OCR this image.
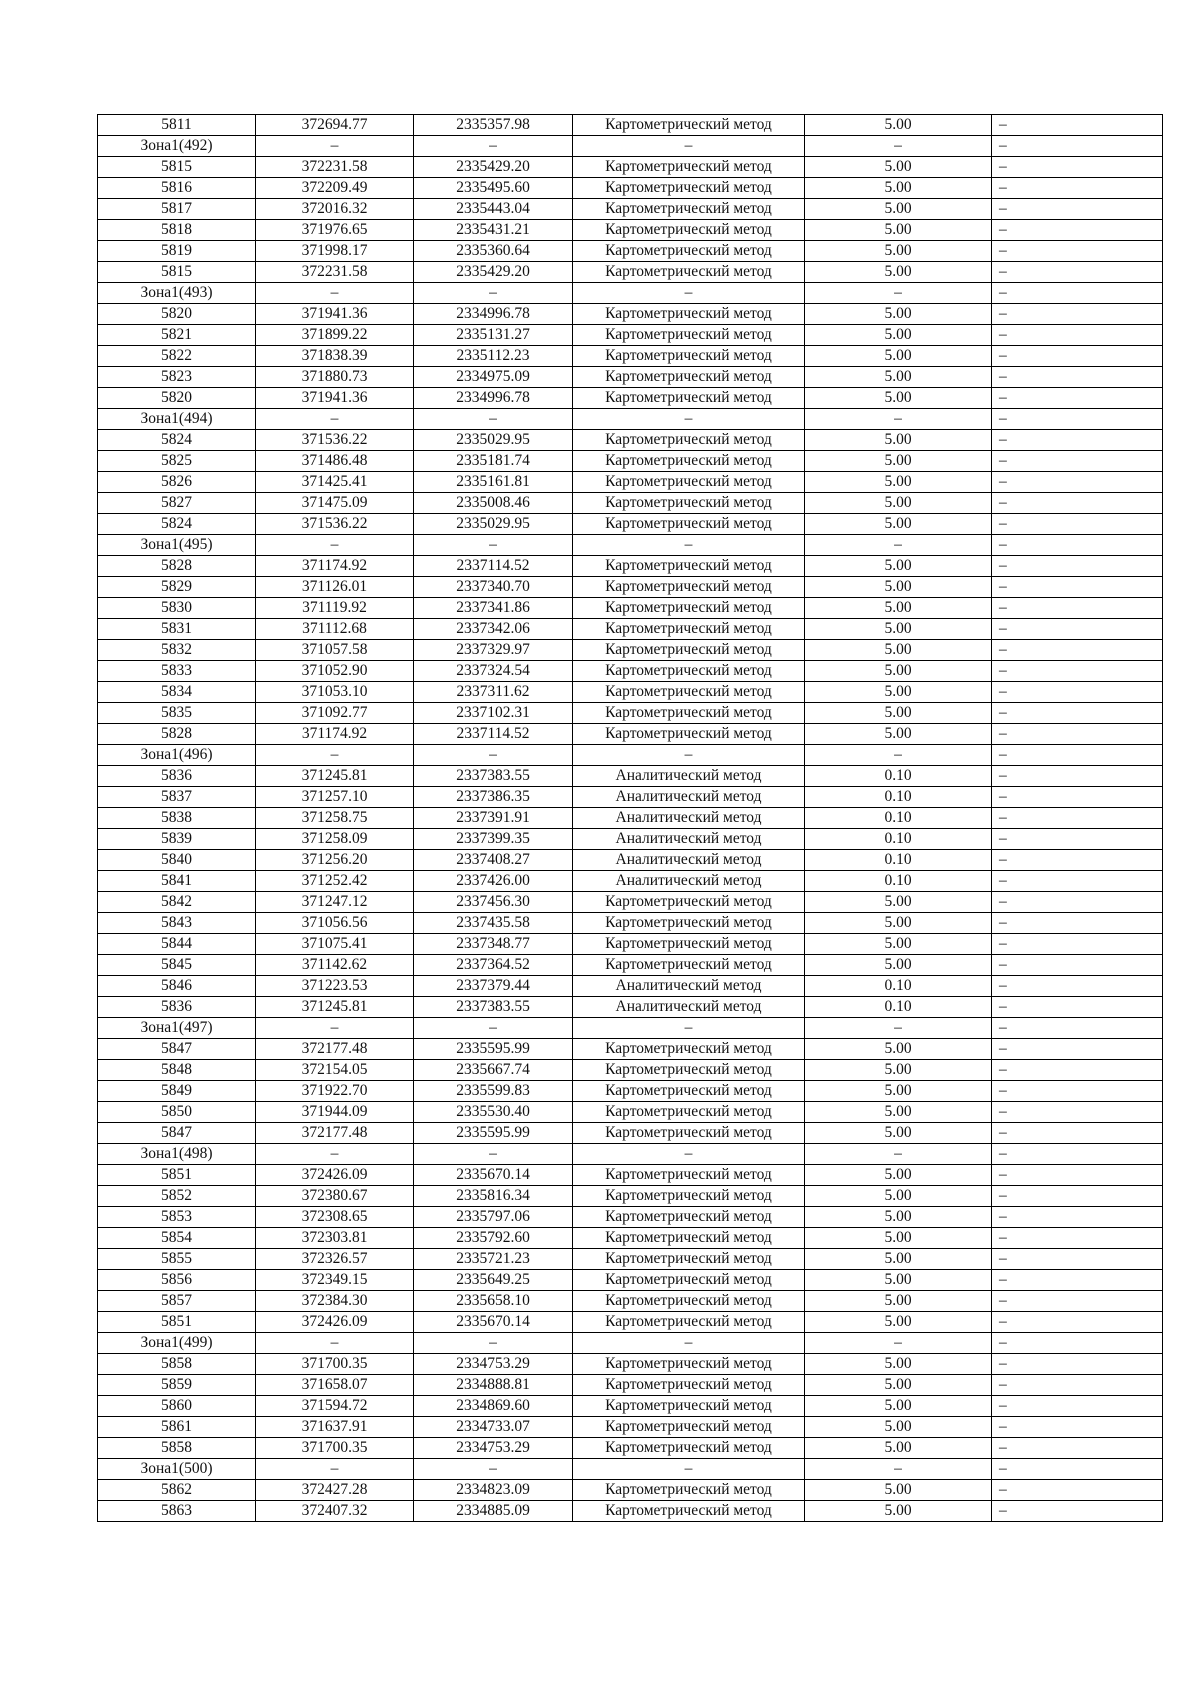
5811	372694.77	2335357.98	Картометрический метод	5.00	–
Зона1(492)	–	–	–	–	–
5815	372231.58	2335429.20	Картометрический метод	5.00	–
5816	372209.49	2335495.60	Картометрический метод	5.00	–
5817	372016.32	2335443.04	Картометрический метод	5.00	–
5818	371976.65	2335431.21	Картометрический метод	5.00	–
5819	371998.17	2335360.64	Картометрический метод	5.00	–
5815	372231.58	2335429.20	Картометрический метод	5.00	–
Зона1(493)	–	–	–	–	–
5820	371941.36	2334996.78	Картометрический метод	5.00	–
5821	371899.22	2335131.27	Картометрический метод	5.00	–
5822	371838.39	2335112.23	Картометрический метод	5.00	–
5823	371880.73	2334975.09	Картометрический метод	5.00	–
5820	371941.36	2334996.78	Картометрический метод	5.00	–
Зона1(494)	–	–	–	–	–
5824	371536.22	2335029.95	Картометрический метод	5.00	–
5825	371486.48	2335181.74	Картометрический метод	5.00	–
5826	371425.41	2335161.81	Картометрический метод	5.00	–
5827	371475.09	2335008.46	Картометрический метод	5.00	–
5824	371536.22	2335029.95	Картометрический метод	5.00	–
Зона1(495)	–	–	–	–	–
5828	371174.92	2337114.52	Картометрический метод	5.00	–
5829	371126.01	2337340.70	Картометрический метод	5.00	–
5830	371119.92	2337341.86	Картометрический метод	5.00	–
5831	371112.68	2337342.06	Картометрический метод	5.00	–
5832	371057.58	2337329.97	Картометрический метод	5.00	–
5833	371052.90	2337324.54	Картометрический метод	5.00	–
5834	371053.10	2337311.62	Картометрический метод	5.00	–
5835	371092.77	2337102.31	Картометрический метод	5.00	–
5828	371174.92	2337114.52	Картометрический метод	5.00	–
Зона1(496)	–	–	–	–	–
5836	371245.81	2337383.55	Аналитический метод	0.10	–
5837	371257.10	2337386.35	Аналитический метод	0.10	–
5838	371258.75	2337391.91	Аналитический метод	0.10	–
5839	371258.09	2337399.35	Аналитический метод	0.10	–
5840	371256.20	2337408.27	Аналитический метод	0.10	–
5841	371252.42	2337426.00	Аналитический метод	0.10	–
5842	371247.12	2337456.30	Картометрический метод	5.00	–
5843	371056.56	2337435.58	Картометрический метод	5.00	–
5844	371075.41	2337348.77	Картометрический метод	5.00	–
5845	371142.62	2337364.52	Картометрический метод	5.00	–
5846	371223.53	2337379.44	Аналитический метод	0.10	–
5836	371245.81	2337383.55	Аналитический метод	0.10	–
Зона1(497)	–	–	–	–	–
5847	372177.48	2335595.99	Картометрический метод	5.00	–
5848	372154.05	2335667.74	Картометрический метод	5.00	–
5849	371922.70	2335599.83	Картометрический метод	5.00	–
5850	371944.09	2335530.40	Картометрический метод	5.00	–
5847	372177.48	2335595.99	Картометрический метод	5.00	–
Зона1(498)	–	–	–	–	–
5851	372426.09	2335670.14	Картометрический метод	5.00	–
5852	372380.67	2335816.34	Картометрический метод	5.00	–
5853	372308.65	2335797.06	Картометрический метод	5.00	–
5854	372303.81	2335792.60	Картометрический метод	5.00	–
5855	372326.57	2335721.23	Картометрический метод	5.00	–
5856	372349.15	2335649.25	Картометрический метод	5.00	–
5857	372384.30	2335658.10	Картометрический метод	5.00	–
5851	372426.09	2335670.14	Картометрический метод	5.00	–
Зона1(499)	–	–	–	–	–
5858	371700.35	2334753.29	Картометрический метод	5.00	–
5859	371658.07	2334888.81	Картометрический метод	5.00	–
5860	371594.72	2334869.60	Картометрический метод	5.00	–
5861	371637.91	2334733.07	Картометрический метод	5.00	–
5858	371700.35	2334753.29	Картометрический метод	5.00	–
Зона1(500)	–	–	–	–	–
5862	372427.28	2334823.09	Картометрический метод	5.00	–
5863	372407.32	2334885.09	Картометрический метод	5.00	–
